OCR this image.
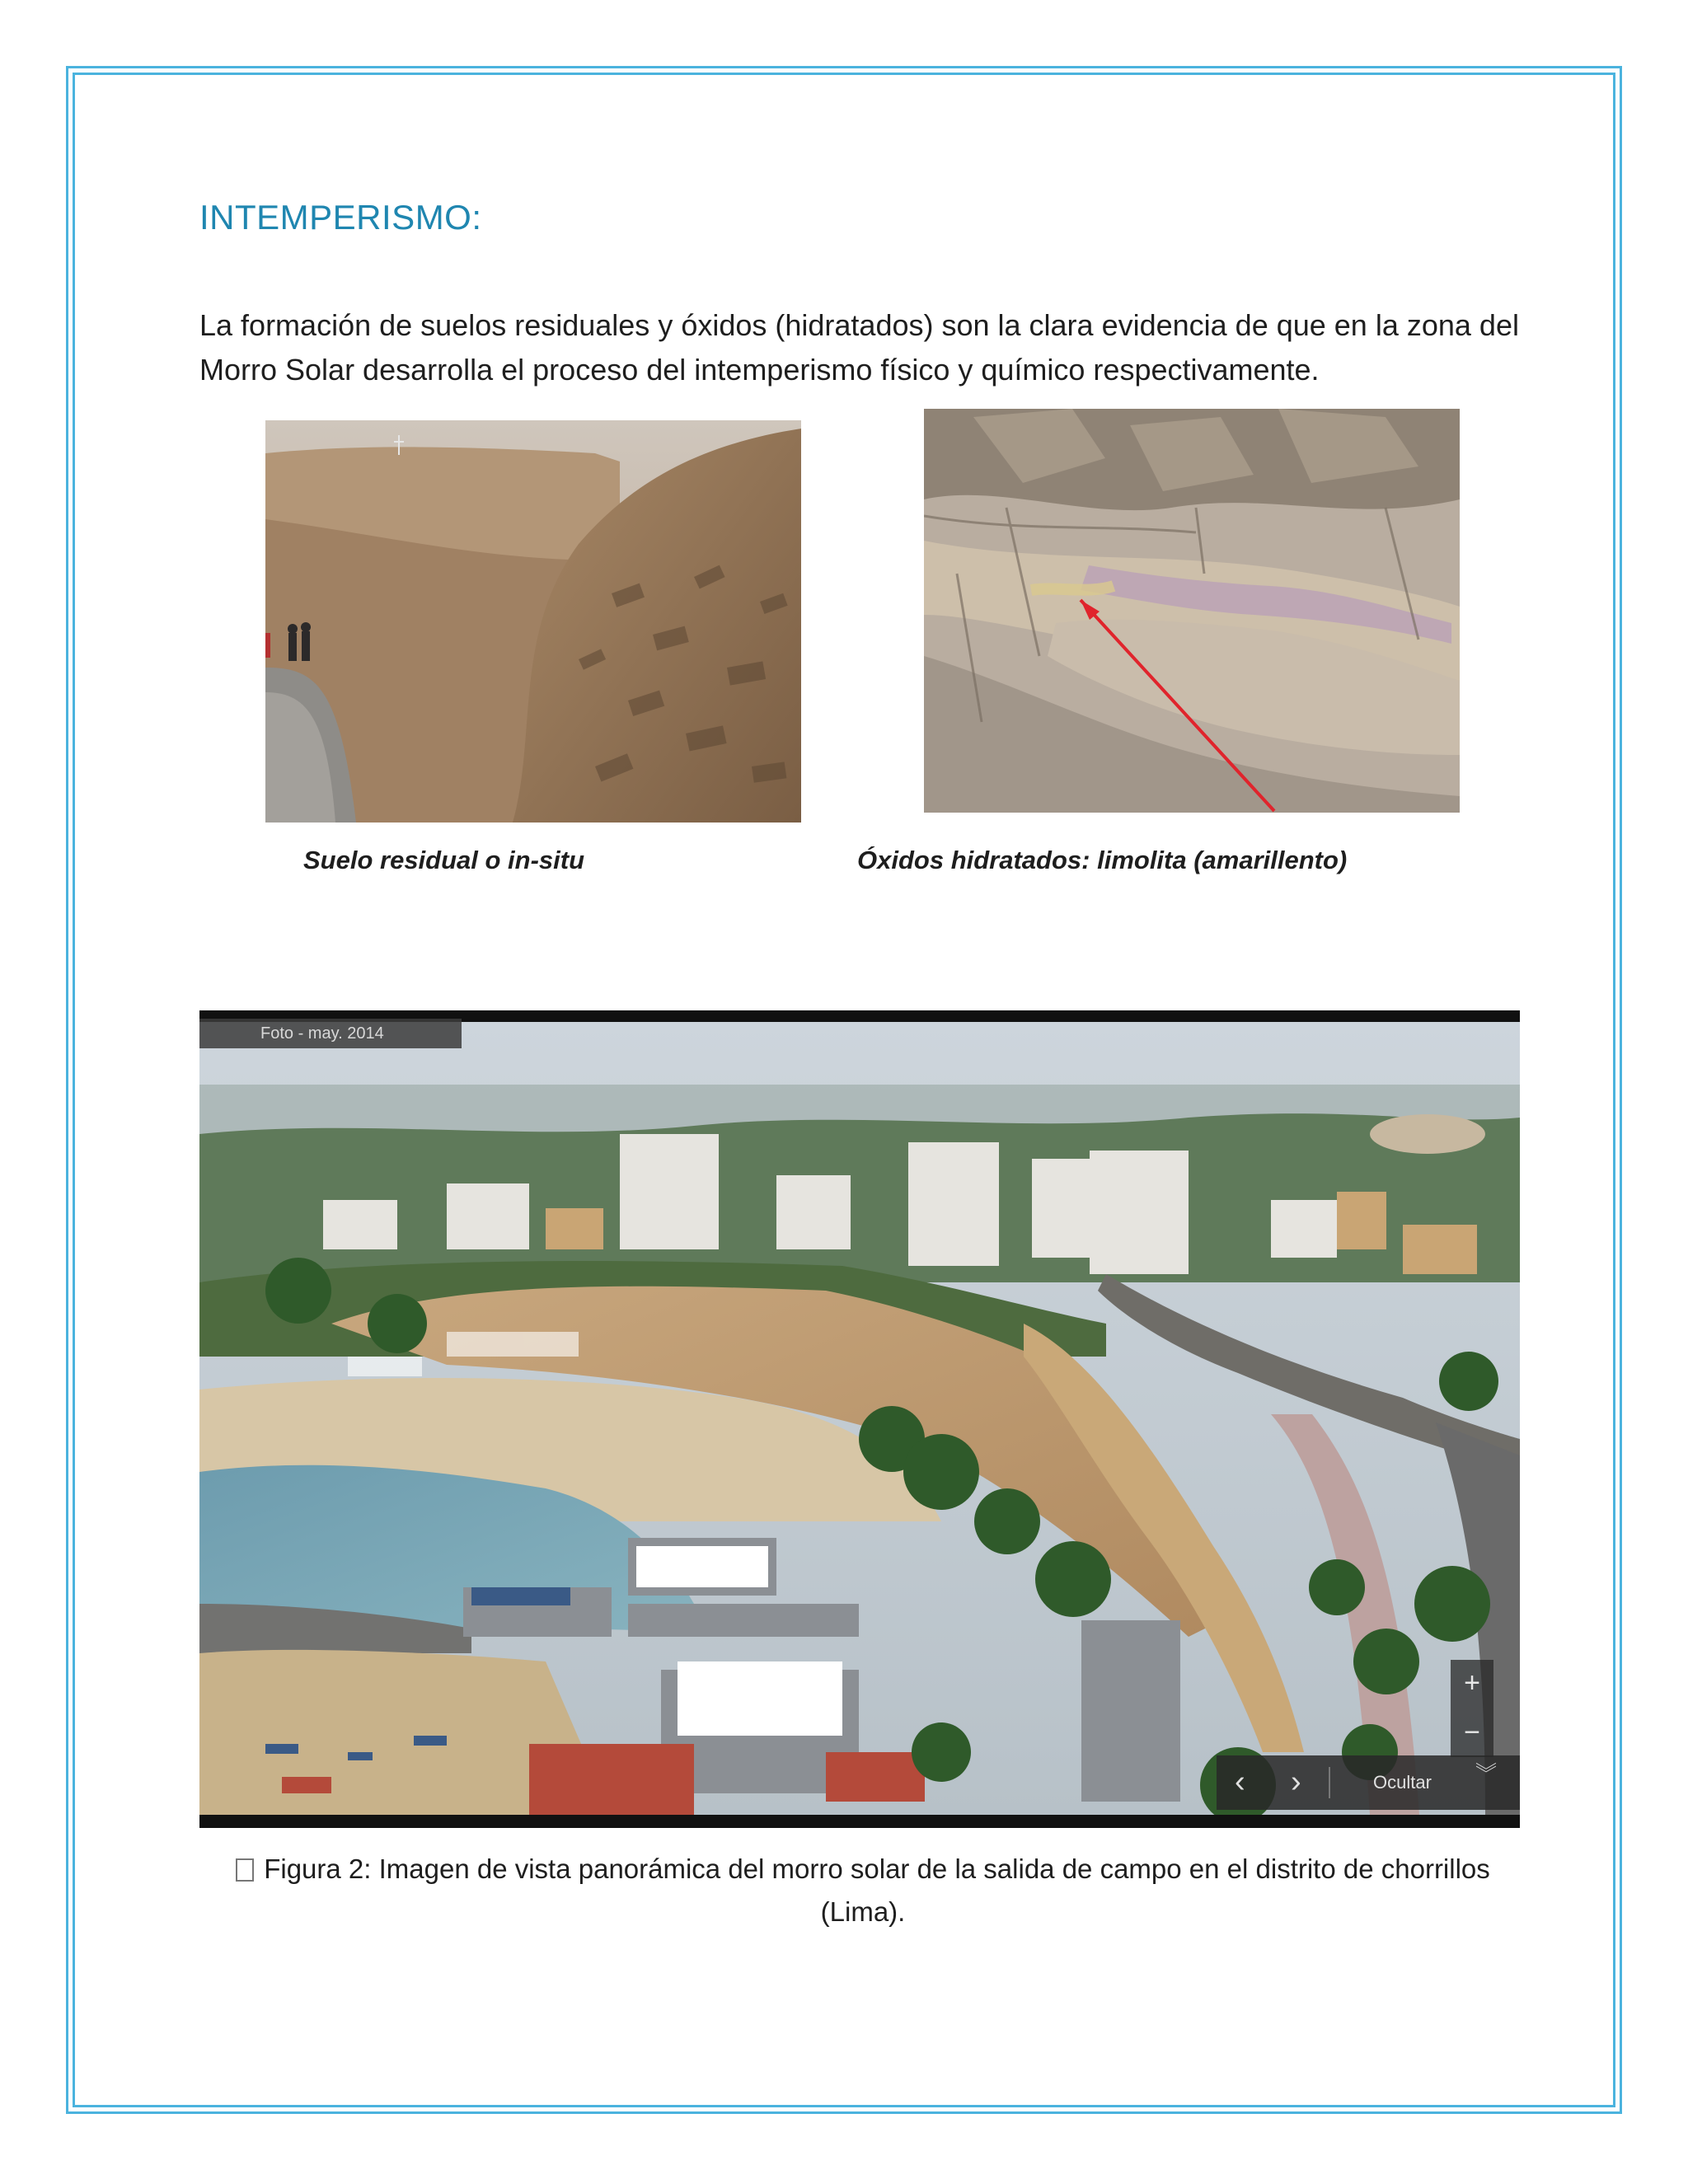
INTEMPERISMO:

La formación de suelos residuales y óxidos (hidratados) son la clara evidencia de que en la zona del Morro Solar desarrolla el proceso del intemperismo físico y químico respectivamente.

Suelo residual o in-situ	Óxidos hidratados: limolita (amarillento)
Foto - may. 2014
+
−
‹ ›	Ocultar ︾
Figura 2: Imagen de vista panorámica del morro solar de la salida de campo en el distrito de chorrillos
(Lima).
